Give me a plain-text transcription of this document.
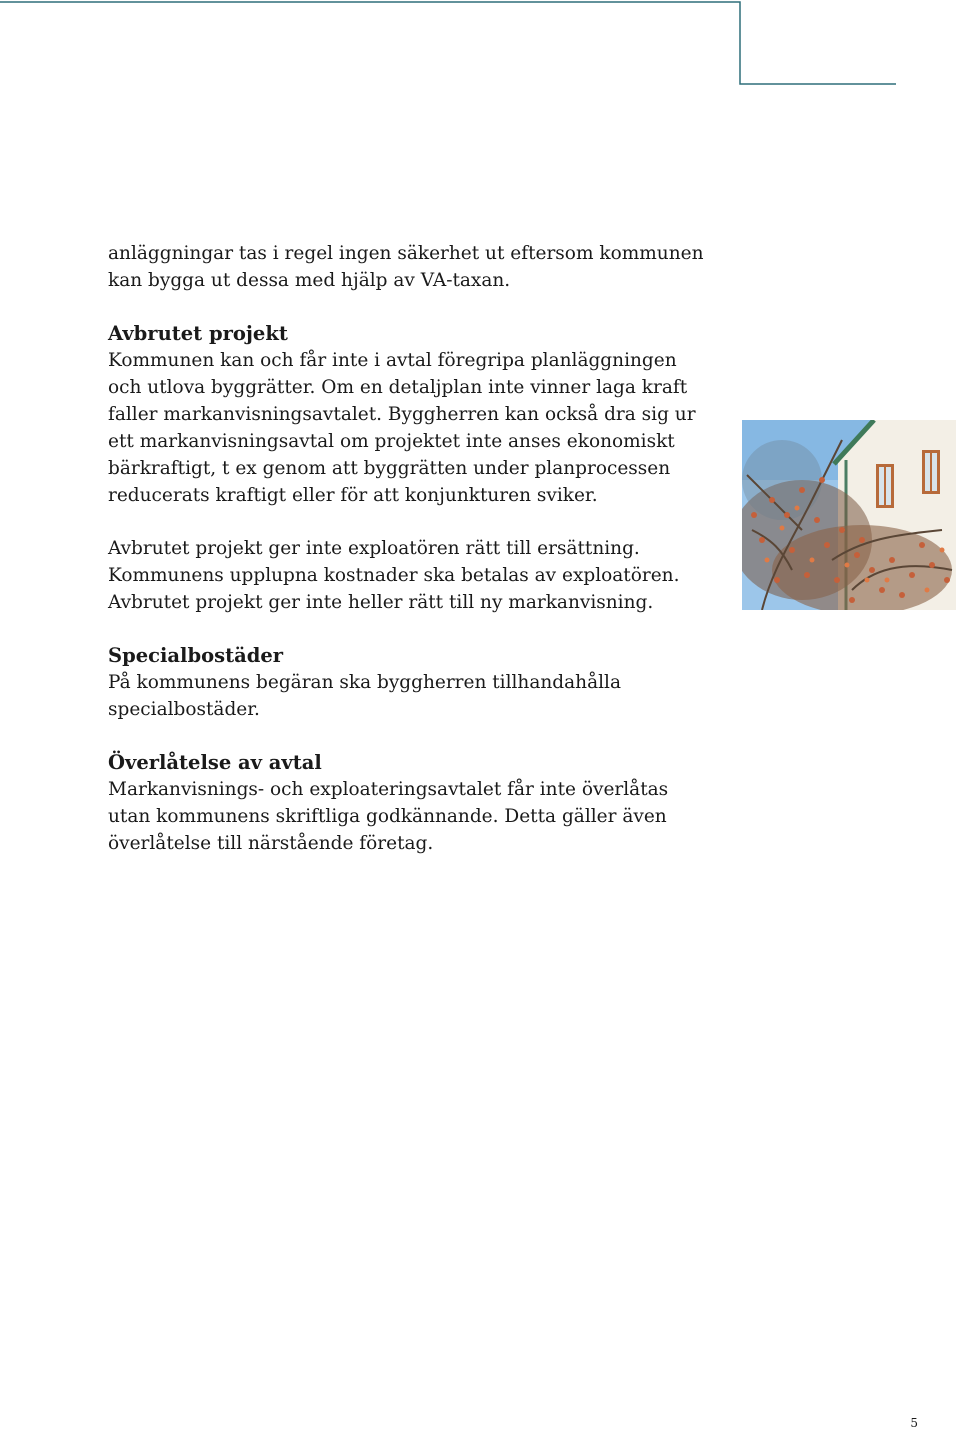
anläggningar tas i regel ingen säkerhet ut eftersom kommunen kan bygga ut dessa med hjälp av VA-taxan.

Avbrutet projekt

Kommunen kan och får inte i avtal föregripa planläggningen och utlova byggrätter. Om en detaljplan inte vinner laga kraft faller markanvisningsavtalet. Byggherren kan också dra sig ur ett markanvisningsavtal om projektet inte anses ekonomiskt bärkraftigt, t ex genom att byggrätten under planprocessen reducerats kraftigt eller för att konjunkturen sviker.

Avbrutet projekt ger inte exploatören rätt till ersättning. Kommunens upplupna kostnader ska betalas av exploatören. Avbrutet projekt ger inte heller rätt till ny markanvisning.

Specialbostäder

På kommunens begäran ska byggherren tillhandahålla specialbostäder.

Överlåtelse av avtal

Markanvisnings- och exploateringsavtalet får inte överlåtas utan kommunens skriftliga godkännande. Detta gäller även överlåtelse till närstående företag.

5
